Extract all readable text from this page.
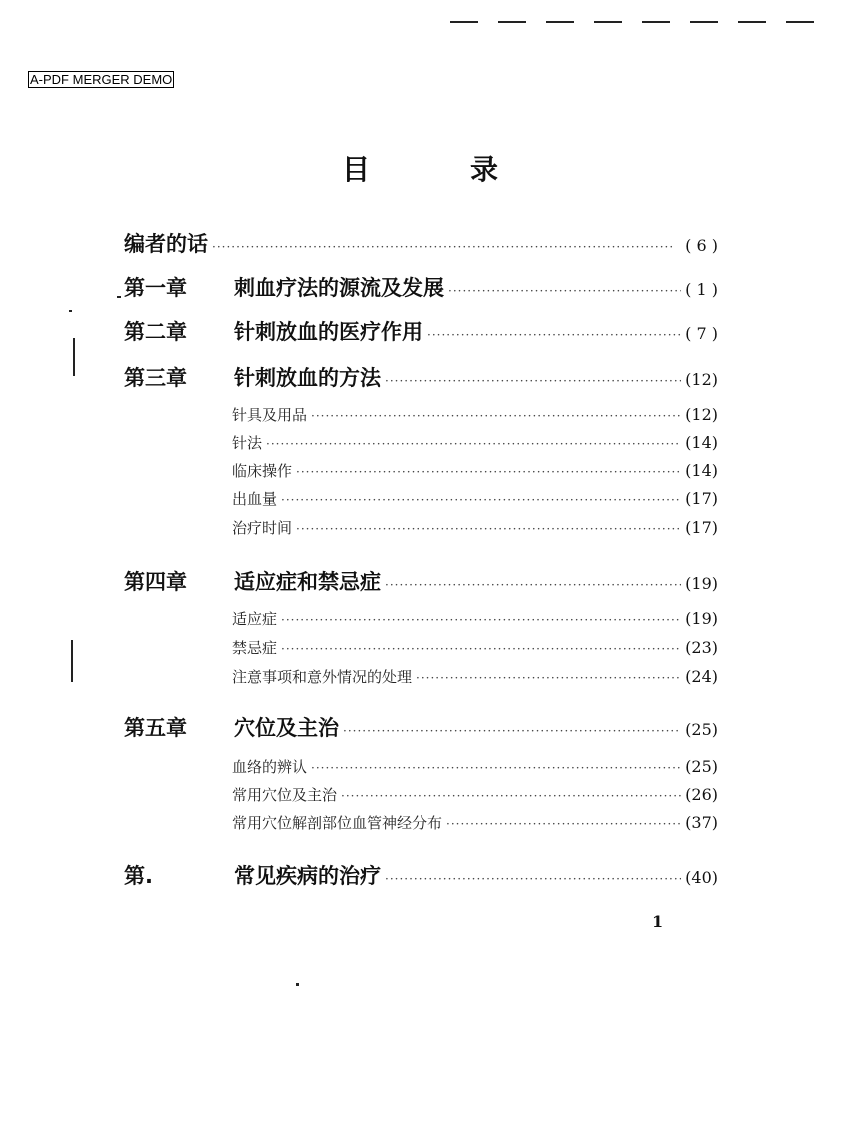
A-PDF MERGER DEMO
目	录
编者的话 ·····	( 6 )
第一章	刺血疗法的源流及发展 ·····	( 1 )
第二章	针刺放血的医疗作用 ·····	( 7 )
第三章	针刺放血的方法 ·····	(12)
针具及用品 ·····	(12)
针法 ·····	(14)
临床操作 ·····	(14)
出血量 ·····	(17)
治疗时间 ·····	(17)
第四章	适应症和禁忌症 ·····	(19)
适应症 ·····	(19)
禁忌症 ·····	(23)
注意事项和意外情况的处理 ·····	(24)
第五章	穴位及主治 ·····	(25)
血络的辨认 ·····	(25)
常用穴位及主治 ·····	(26)
常用穴位解剖部位血管神经分布 ·····	(37)
第.	常见疾病的治疗 ·····	(40)
1
